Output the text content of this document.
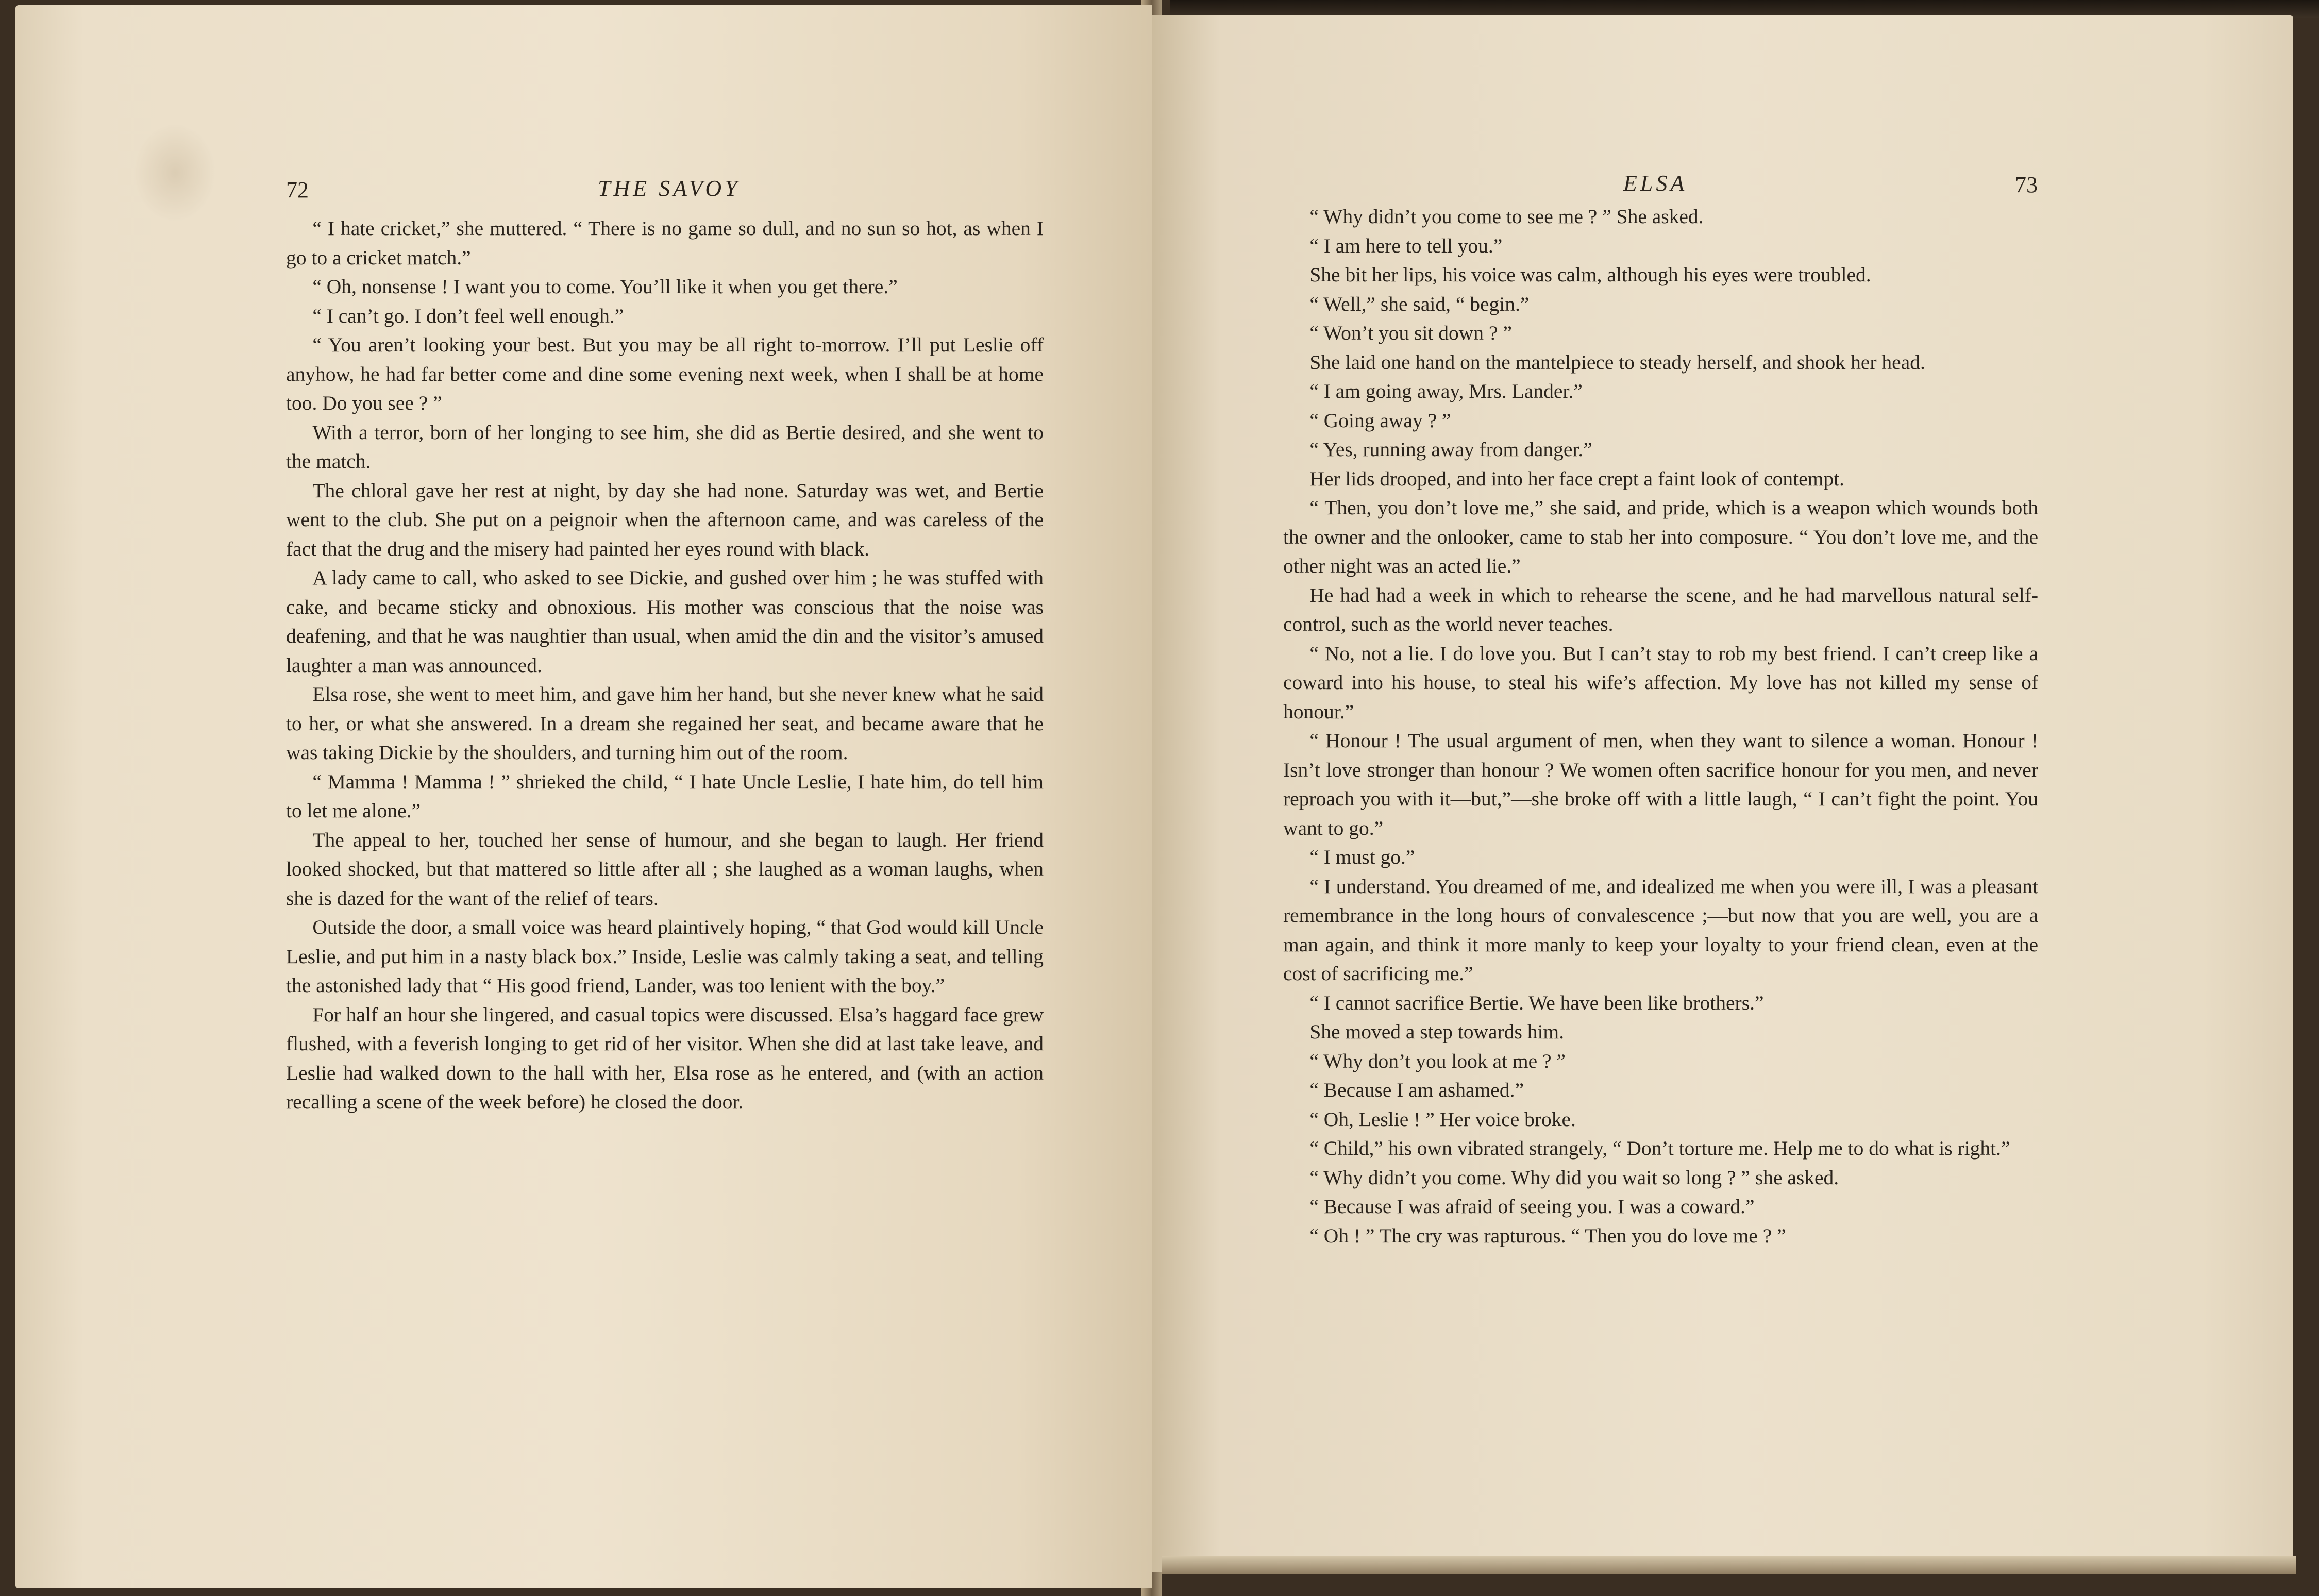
72	THE SAVOY

“ I hate cricket,” she muttered. “ There is no game so dull, and no sun so hot, as when I go to a cricket match.”

“ Oh, nonsense ! I want you to come. You’ll like it when you get there.”

“ I can’t go. I don’t feel well enough.”

“ You aren’t looking your best. But you may be all right to-morrow. I’ll put Leslie off anyhow, he had far better come and dine some evening next week, when I shall be at home too. Do you see ? ”

With a terror, born of her longing to see him, she did as Bertie desired, and she went to the match.

The chloral gave her rest at night, by day she had none. Saturday was wet, and Bertie went to the club. She put on a peignoir when the afternoon came, and was careless of the fact that the drug and the misery had painted her eyes round with black.

A lady came to call, who asked to see Dickie, and gushed over him ; he was stuffed with cake, and became sticky and obnoxious. His mother was conscious that the noise was deafening, and that he was naughtier than usual, when amid the din and the visitor’s amused laughter a man was announced.

Elsa rose, she went to meet him, and gave him her hand, but she never knew what he said to her, or what she answered. In a dream she regained her seat, and became aware that he was taking Dickie by the shoulders, and turning him out of the room.

“ Mamma ! Mamma ! ” shrieked the child, “ I hate Uncle Leslie, I hate him, do tell him to let me alone.”

The appeal to her, touched her sense of humour, and she began to laugh. Her friend looked shocked, but that mattered so little after all ; she laughed as a woman laughs, when she is dazed for the want of the relief of tears.

Outside the door, a small voice was heard plaintively hoping, “ that God would kill Uncle Leslie, and put him in a nasty black box.” Inside, Leslie was calmly taking a seat, and telling the astonished lady that “ His good friend, Lander, was too lenient with the boy.”

For half an hour she lingered, and casual topics were discussed. Elsa’s haggard face grew flushed, with a feverish longing to get rid of her visitor. When she did at last take leave, and Leslie had walked down to the hall with her, Elsa rose as he entered, and (with an action recalling a scene of the week before) he closed the door.

ELSA	73

“ Why didn’t you come to see me ? ” She asked.

“ I am here to tell you.”

She bit her lips, his voice was calm, although his eyes were troubled.

“ Well,” she said, “ begin.”

“ Won’t you sit down ? ”

She laid one hand on the mantelpiece to steady herself, and shook her head.

“ I am going away, Mrs. Lander.”

“ Going away ? ”

“ Yes, running away from danger.”

Her lids drooped, and into her face crept a faint look of contempt.

“ Then, you don’t love me,” she said, and pride, which is a weapon which wounds both the owner and the onlooker, came to stab her into composure. “ You don’t love me, and the other night was an acted lie.”

He had had a week in which to rehearse the scene, and he had marvellous natural self-control, such as the world never teaches.

“ No, not a lie. I do love you. But I can’t stay to rob my best friend. I can’t creep like a coward into his house, to steal his wife’s affection. My love has not killed my sense of honour.”

“ Honour ! The usual argument of men, when they want to silence a woman. Honour ! Isn’t love stronger than honour ? We women often sacrifice honour for you men, and never reproach you with it—but,”—she broke off with a little laugh, “ I can’t fight the point. You want to go.”

“ I must go.”

“ I understand. You dreamed of me, and idealized me when you were ill, I was a pleasant remembrance in the long hours of convalescence ;—but now that you are well, you are a man again, and think it more manly to keep your loyalty to your friend clean, even at the cost of sacrificing me.”

“ I cannot sacrifice Bertie. We have been like brothers.”

She moved a step towards him.

“ Why don’t you look at me ? ”

“ Because I am ashamed.”

“ Oh, Leslie ! ” Her voice broke.

“ Child,” his own vibrated strangely, “ Don’t torture me. Help me to do what is right.”

“ Why didn’t you come. Why did you wait so long ? ” she asked.

“ Because I was afraid of seeing you. I was a coward.”

“ Oh ! ” The cry was rapturous. “ Then you do love me ? ”
